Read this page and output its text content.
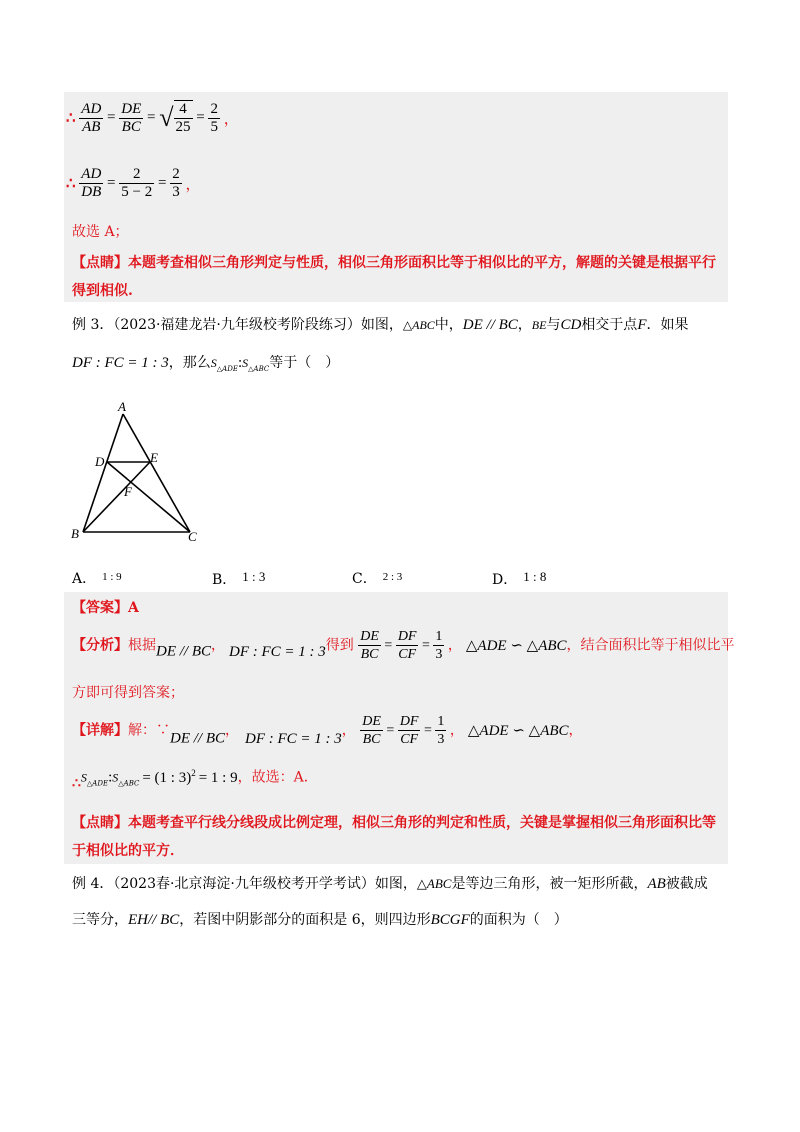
∴ $\frac{AD}{AB} = \frac{DE}{BC}$ = √ $\frac{4}{25} = \frac{2}{5}$ ，
∴ $\frac{AD}{DB} = \frac{2}{5 - 2} = \frac{2}{3}$ ，
故选 A；
【点睛】本题考查相似三角形判定与性质，相似三角形面积比等于相似比的平方，解题的关键是根据平行
得到相似.
例 3．（2023·福建龙岩·九年级校考阶段练习）如图，△ABC中，DE // BC，BE与CD相交于点F．如果
DF : FC = 1 : 3，那么$S_{\triangle ADE}:S_{\triangle ABC}$等于（　）
A
B	C
D	E
F
A． $^{1 : 9}$	B． 1 : 3	C． $^{2 : 3}$	D． 1 : 8
【答案】A
【分析】根据DE // BC， DF : FC = 1 : 3得到 $\frac{DE}{BC} = \frac{DF}{CF} = \frac{1}{3}$ ， △ADE ∽ △ABC，结合面积比等于相似比平
方即可得到答案；
【详解】解：∵DE // BC， DF : FC = 1 : 3， $\frac{DE}{BC} = \frac{DF}{CF} = \frac{1}{3}$ ， △ADE ∽ △ABC，
$\therefore S_{\triangle ADE}:S_{\triangle ABC} = (1$ : 3)$^2$ = 1 : 9，故选：A．
【点睛】本题考查平行线分线段成比例定理，相似三角形的判定和性质，关键是掌握相似三角形面积比等
于相似比的平方．
例 4．（2023春·北京海淀·九年级校考开学考试）如图，△ABC是等边三角形，被一矩形所截，AB被截成
三等分，EH// BC，若图中阴影部分的面积是 6，则四边形BCGF的面积为（　）
